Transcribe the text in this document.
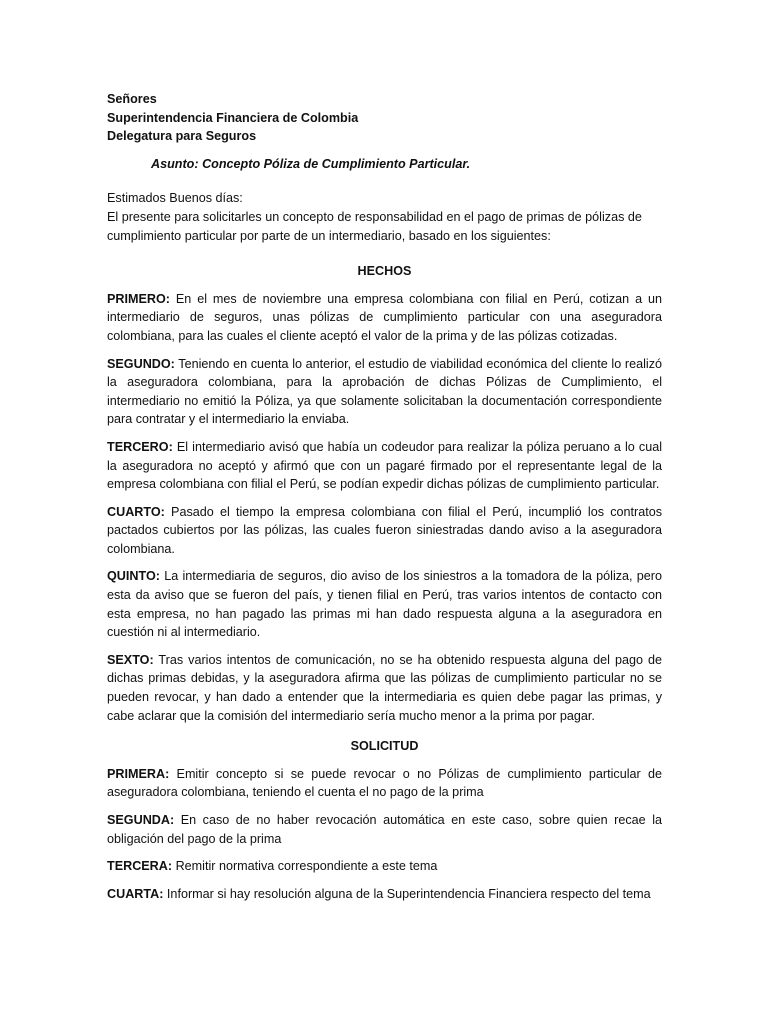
Señores
Superintendencia Financiera de Colombia
Delegatura para Seguros
Asunto: Concepto Póliza de Cumplimiento Particular.

Estimados Buenos días:

El presente para solicitarles un concepto de responsabilidad en el pago de primas de pólizas de cumplimiento particular por parte de un intermediario, basado en los siguientes:

HECHOS

PRIMERO: En el mes de noviembre una empresa colombiana con filial en Perú, cotizan a un intermediario de seguros, unas pólizas de cumplimiento particular con una aseguradora colombiana, para las cuales el cliente aceptó el valor de la prima y de las pólizas cotizadas.

SEGUNDO: Teniendo en cuenta lo anterior, el estudio de viabilidad económica del cliente lo realizó la aseguradora colombiana, para la aprobación de dichas Pólizas de Cumplimiento, el intermediario no emitió la Póliza, ya que solamente solicitaban la documentación correspondiente para contratar y el intermediario la enviaba.

TERCERO: El intermediario avisó que había un codeudor para realizar la póliza peruano a lo cual la aseguradora no aceptó y afirmó que con un pagaré firmado por el representante legal de la empresa colombiana con filial el Perú, se podían expedir dichas pólizas de cumplimiento particular.

CUARTO: Pasado el tiempo la empresa colombiana con filial el Perú, incumplió los contratos pactados cubiertos por las pólizas, las cuales fueron siniestradas dando aviso a la aseguradora colombiana.

QUINTO: La intermediaria de seguros, dio aviso de los siniestros a la tomadora de la póliza, pero esta da aviso que se fueron del país, y tienen filial en Perú, tras varios intentos de contacto con esta empresa, no han pagado las primas mi han dado respuesta alguna a la aseguradora en cuestión ni al intermediario.

SEXTO: Tras varios intentos de comunicación, no se ha obtenido respuesta alguna del pago de dichas primas debidas, y la aseguradora afirma que las pólizas de cumplimiento particular no se pueden revocar, y han dado a entender que la intermediaria es quien debe pagar las primas, y cabe aclarar que la comisión del intermediario sería mucho menor a la prima por pagar.

SOLICITUD

PRIMERA: Emitir concepto si se puede revocar o no Pólizas de cumplimiento particular de aseguradora colombiana, teniendo el cuenta el no pago de la prima

SEGUNDA: En caso de no haber revocación automática en este caso, sobre quien recae la obligación del pago de la prima

TERCERA: Remitir normativa correspondiente a este tema

CUARTA: Informar si hay resolución alguna de la Superintendencia Financiera respecto del tema
